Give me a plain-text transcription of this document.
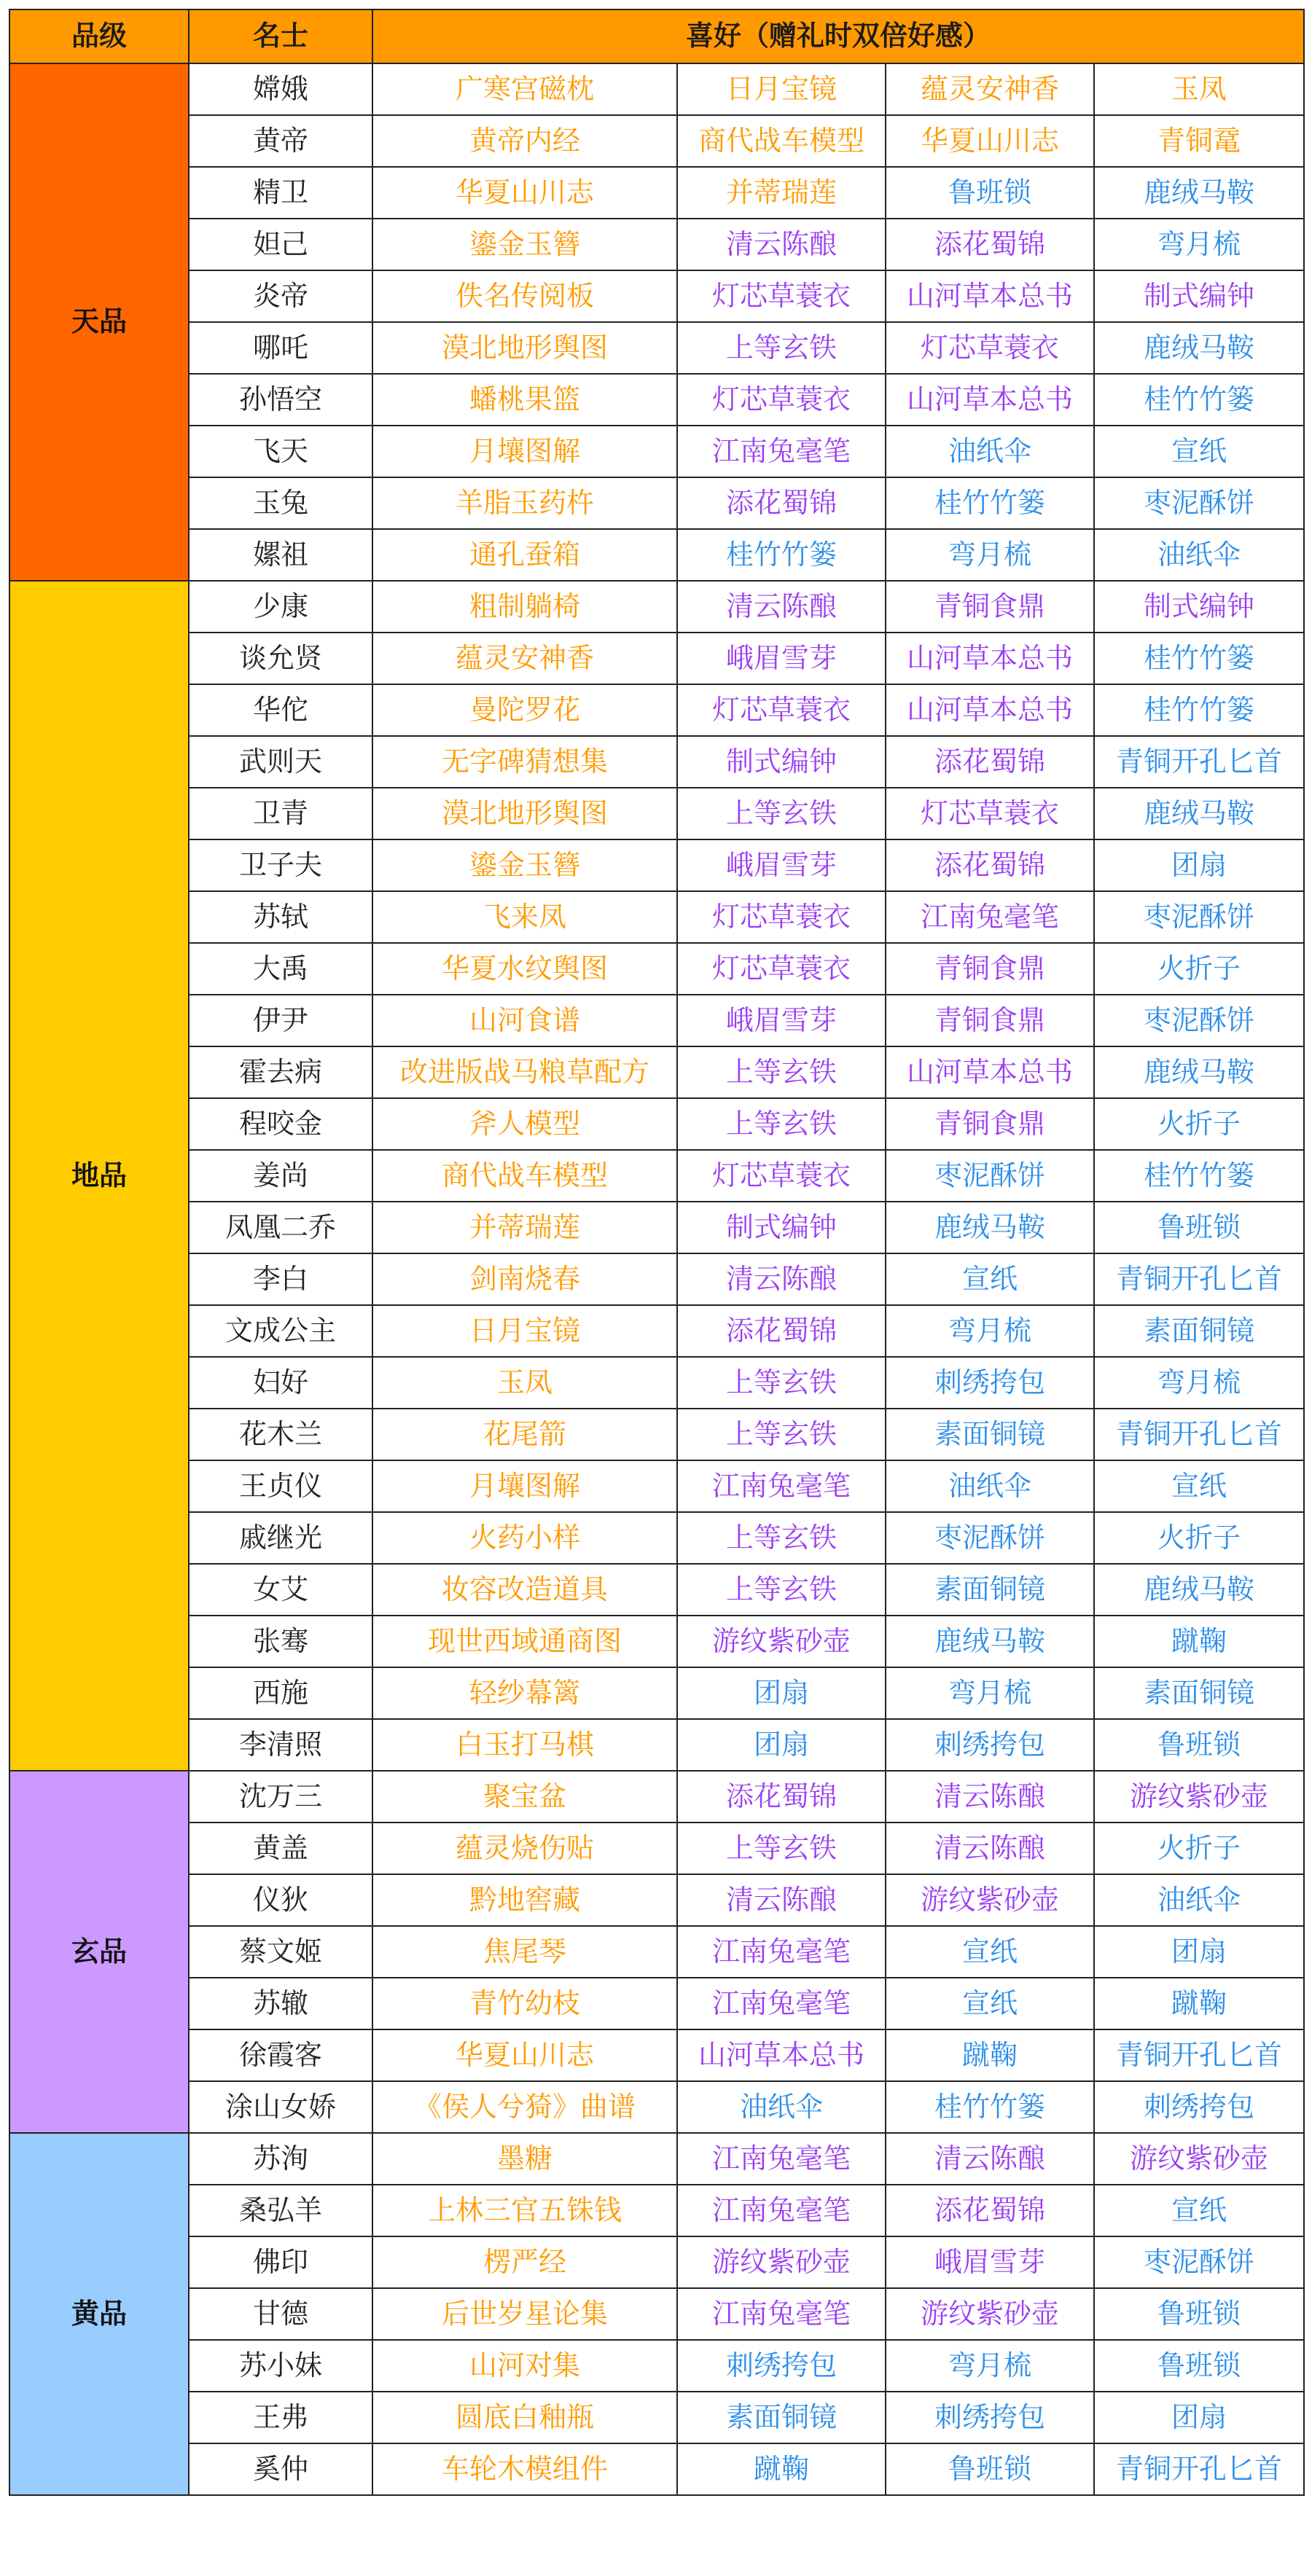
品级	名士	喜好（赠礼时双倍好感）			
天品	嫦娥	广寒宫磁枕	日月宝镜	蕴灵安神香	玉凤
	黄帝	黄帝内经	商代战车模型	华夏山川志	青铜鼋
	精卫	华夏山川志	并蒂瑞莲	鲁班锁	鹿绒马鞍
	妲己	鎏金玉簪	清云陈酿	添花蜀锦	弯月梳
	炎帝	佚名传阅板	灯芯草蓑衣	山河草本总书	制式编钟
	哪吒	漠北地形舆图	上等玄铁	灯芯草蓑衣	鹿绒马鞍
	孙悟空	蟠桃果篮	灯芯草蓑衣	山河草本总书	桂竹竹篓
	飞天	月壤图解	江南兔毫笔	油纸伞	宣纸
	玉兔	羊脂玉药杵	添花蜀锦	桂竹竹篓	枣泥酥饼
	嫘祖	通孔蚕箱	桂竹竹篓	弯月梳	油纸伞
地品	少康	粗制躺椅	清云陈酿	青铜食鼎	制式编钟
	谈允贤	蕴灵安神香	峨眉雪芽	山河草本总书	桂竹竹篓
	华佗	曼陀罗花	灯芯草蓑衣	山河草本总书	桂竹竹篓
	武则天	无字碑猜想集	制式编钟	添花蜀锦	青铜开孔匕首
	卫青	漠北地形舆图	上等玄铁	灯芯草蓑衣	鹿绒马鞍
	卫子夫	鎏金玉簪	峨眉雪芽	添花蜀锦	团扇
	苏轼	飞来凤	灯芯草蓑衣	江南兔毫笔	枣泥酥饼
	大禹	华夏水纹舆图	灯芯草蓑衣	青铜食鼎	火折子
	伊尹	山河食谱	峨眉雪芽	青铜食鼎	枣泥酥饼
	霍去病	改进版战马粮草配方	上等玄铁	山河草本总书	鹿绒马鞍
	程咬金	斧人模型	上等玄铁	青铜食鼎	火折子
	姜尚	商代战车模型	灯芯草蓑衣	枣泥酥饼	桂竹竹篓
	凤凰二乔	并蒂瑞莲	制式编钟	鹿绒马鞍	鲁班锁
	李白	剑南烧春	清云陈酿	宣纸	青铜开孔匕首
	文成公主	日月宝镜	添花蜀锦	弯月梳	素面铜镜
	妇好	玉凤	上等玄铁	刺绣挎包	弯月梳
	花木兰	花尾箭	上等玄铁	素面铜镜	青铜开孔匕首
	王贞仪	月壤图解	江南兔毫笔	油纸伞	宣纸
	戚继光	火药小样	上等玄铁	枣泥酥饼	火折子
	女艾	妆容改造道具	上等玄铁	素面铜镜	鹿绒马鞍
	张骞	现世西域通商图	游纹紫砂壶	鹿绒马鞍	蹴鞠
	西施	轻纱幕篱	团扇	弯月梳	素面铜镜
	李清照	白玉打马棋	团扇	刺绣挎包	鲁班锁
玄品	沈万三	聚宝盆	添花蜀锦	清云陈酿	游纹紫砂壶
	黄盖	蕴灵烧伤贴	上等玄铁	清云陈酿	火折子
	仪狄	黔地窖藏	清云陈酿	游纹紫砂壶	油纸伞
	蔡文姬	焦尾琴	江南兔毫笔	宣纸	团扇
	苏辙	青竹幼枝	江南兔毫笔	宣纸	蹴鞠
	徐霞客	华夏山川志	山河草本总书	蹴鞠	青铜开孔匕首
	涂山女娇	《侯人兮猗》曲谱	油纸伞	桂竹竹篓	刺绣挎包
黄品	苏洵	墨糖	江南兔毫笔	清云陈酿	游纹紫砂壶
	桑弘羊	上林三官五铢钱	江南兔毫笔	添花蜀锦	宣纸
	佛印	楞严经	游纹紫砂壶	峨眉雪芽	枣泥酥饼
	甘德	后世岁星论集	江南兔毫笔	游纹紫砂壶	鲁班锁
	苏小妹	山河对集	刺绣挎包	弯月梳	鲁班锁
	王弗	圆底白釉瓶	素面铜镜	刺绣挎包	团扇
	奚仲	车轮木模组件	蹴鞠	鲁班锁	青铜开孔匕首
